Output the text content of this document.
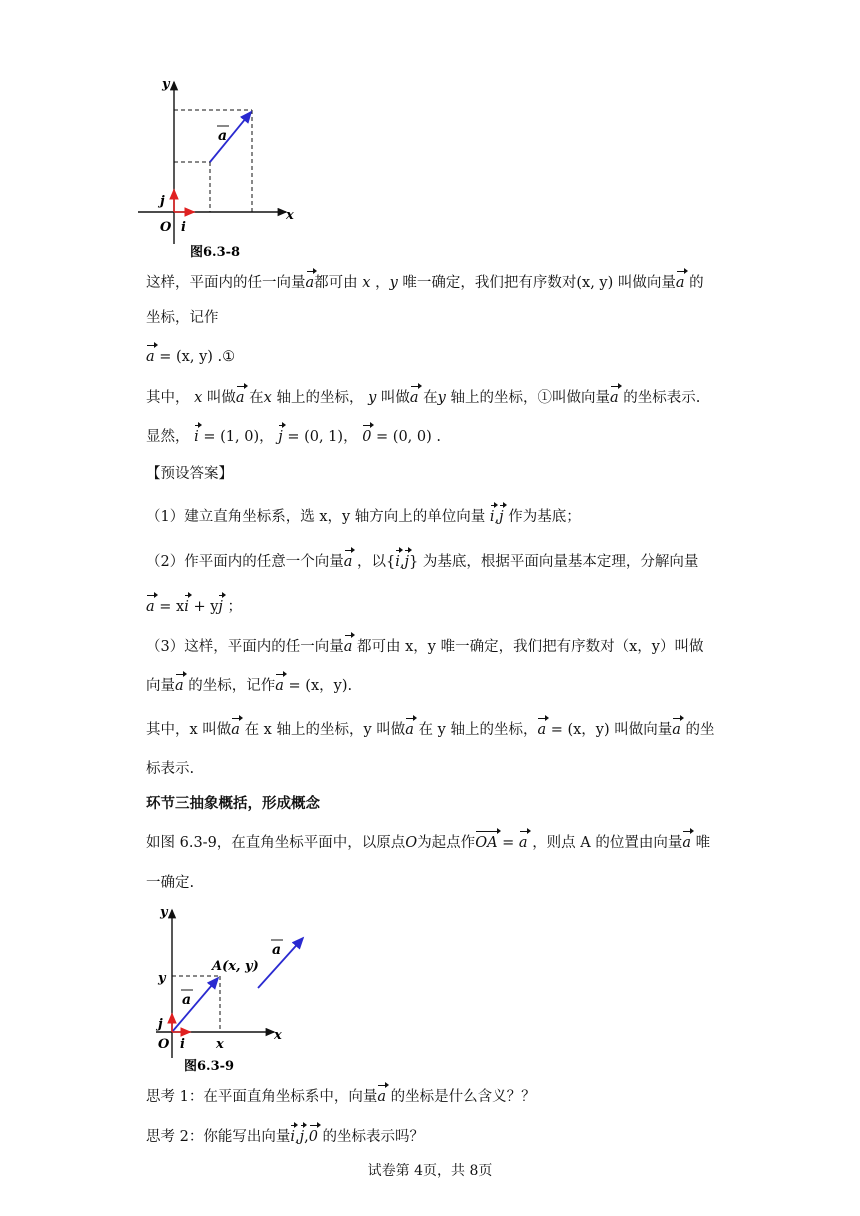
y
x
O i
j
a
图6.3-8
这样，平面内的任一向量a都可由 x ，y 唯一确定，我们把有序数对(x, y) 叫做向量a 的
坐标，记作
a = (x, y) .①
其中， x 叫做a 在x 轴上的坐标， y 叫做a 在y 轴上的坐标，①叫做向量a 的坐标表示.
显然， i = (1, 0)， j = (0, 1)， 0 = (0, 0) .
【预设答案】
（1）建立直角坐标系，选 x，y 轴方向上的单位向量 i,j 作为基底；
（2）作平面内的任意一个向量a ，以{i,j} 为基底，根据平面向量基本定理，分解向量
a = xi + yj ；
（3）这样，平面内的任一向量a 都可由 x，y 唯一确定，我们把有序数对（x，y）叫做
向量a 的坐标，记作a = (x，y).
其中，x 叫做a 在 x 轴上的坐标，y 叫做a 在 y 轴上的坐标，a = (x，y) 叫做向量a 的坐
标表示.
环节三抽象概括，形成概念
如图 6.3-9，在直角坐标平面中，以原点O为起点作OA = a ，则点 A 的位置由向量a 唯
一确定.
y
x
O i
j
y
x
A(x, y)
a
a
图6.3-9
思考 1：在平面直角坐标系中，向量a 的坐标是什么含义？？
思考 2：你能写出向量i,j,0 的坐标表示吗？
试卷第 4页，共 8页
